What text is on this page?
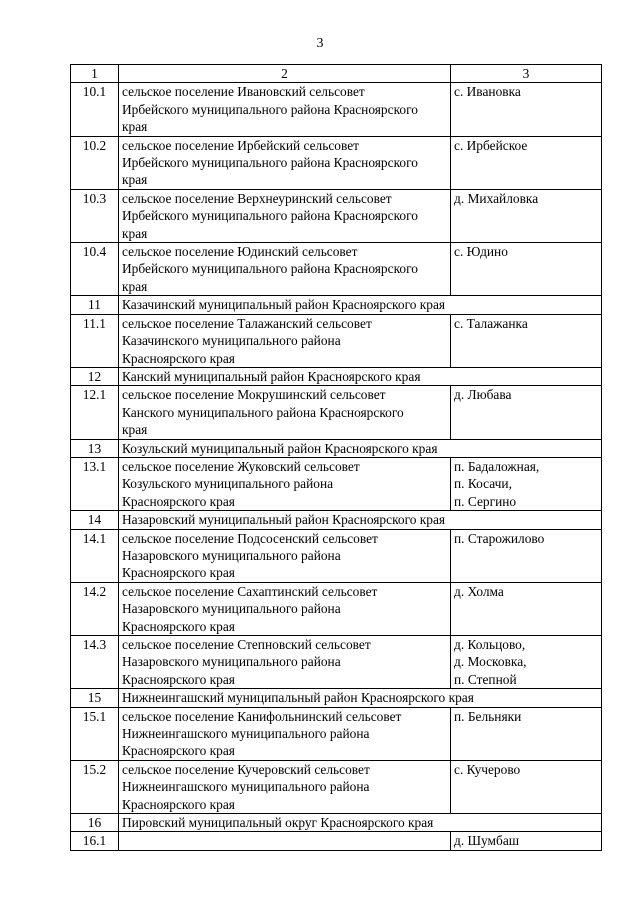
3
1	2	3
10.1	сельское поселение Ивановский сельсовет
Ирбейского муниципального района Красноярского
края	с. Ивановка

10.2	сельское поселение Ирбейский сельсовет
Ирбейского муниципального района Красноярского
края	с. Ирбейское

10.3	сельское поселение Верхнеуринский сельсовет
Ирбейского муниципального района Красноярского
края	д. Михайловка

10.4	сельское поселение Юдинский сельсовет
Ирбейского муниципального района Красноярского
края	с. Юдино

11	Казачинский муниципальный район Красноярского края	

11.1	сельское поселение Талажанский сельсовет
Казачинского муниципального района
Красноярского края	с. Талажанка

12	Канский муниципальный район Красноярского края	

12.1	сельское поселение Мокрушинский сельсовет
Канского муниципального района Красноярского
края	д. Любава

13	Козульский муниципальный район Красноярского края	

13.1	сельское поселение Жуковский сельсовет
Козульского муниципального района
Красноярского края	п. Бадаложная,
п. Косачи,
п. Сергино

14	Назаровский муниципальный район Красноярского края	

14.1	сельское поселение Подсосенский сельсовет
Назаровского муниципального района
Красноярского края	п. Старожилово

14.2	сельское поселение Сахаптинский сельсовет
Назаровского муниципального района
Красноярского края	д. Холма

14.3	сельское поселение Степновский сельсовет
Назаровского муниципального района
Красноярского края	д. Кольцово,
д. Московка,
п. Степной

15	Нижнеингашский муниципальный район Красноярского края	

15.1	сельское поселение Канифольнинский сельсовет
Нижнеингашского муниципального района
Красноярского края	п. Бельняки

15.2	сельское поселение Кучеровский сельсовет
Нижнеингашского муниципального района
Красноярского края	с. Кучерово

16	Пировский муниципальный округ Красноярского края	

16.1		д. Шумбаш
